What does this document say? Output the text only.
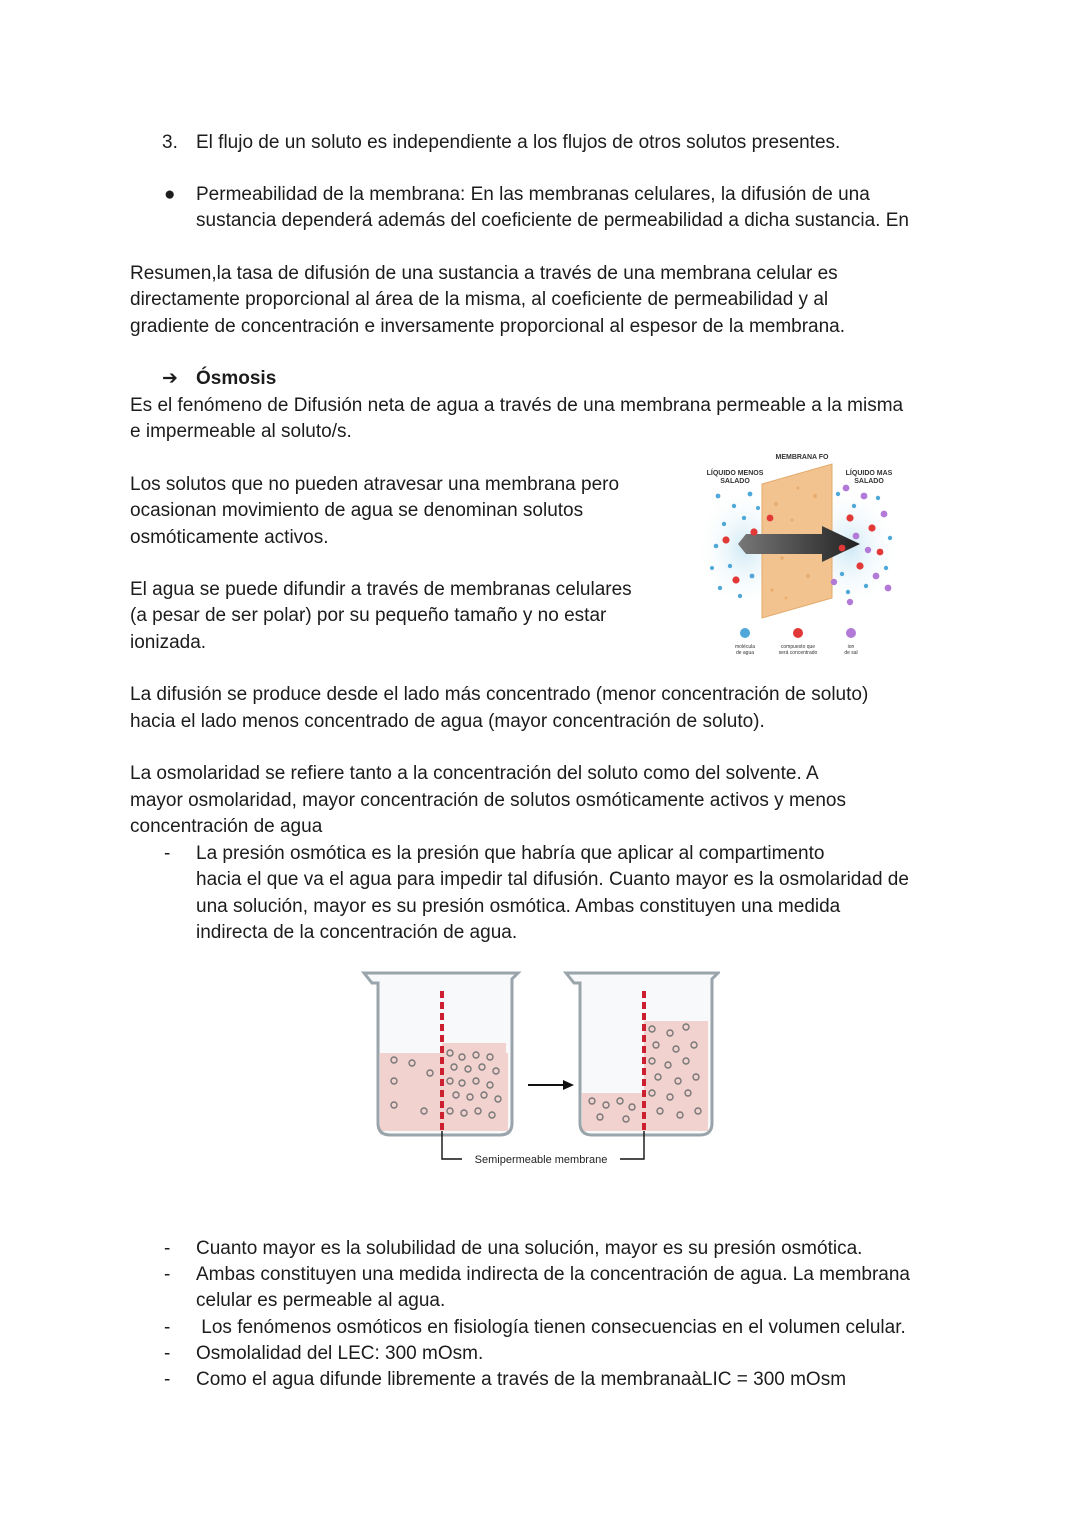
3. El flujo de un soluto es independiente a los flujos de otros solutos presentes.
● Permeabilidad de la membrana: En las membranas celulares, la difusión de una
sustancia dependerá además del coeficiente de permeabilidad a dicha sustancia. En
Resumen,la tasa de difusión de una sustancia a través de una membrana celular es
directamente proporcional al área de la misma, al coeficiente de permeabilidad y al
gradiente de concentración e inversamente proporcional al espesor de la membrana.
➔ Ósmosis
Es el fenómeno de Difusión neta de agua a través de una membrana permeable a la misma
e impermeable al soluto/s.
Los solutos que no pueden atravesar una membrana pero
ocasionan movimiento de agua se denominan solutos
osmóticamente activos.
El agua se puede difundir a través de membranas celulares
(a pesar de ser polar) por su pequeño tamaño y no estar
ionizada.
MEMBRANA FO
LÍQUIDO MENOS
SALADO
LÍQUIDO MAS
SALADO
molécula
de agua
compuesto que
será concentrado
ion
de sal
La difusión se produce desde el lado más concentrado (menor concentración de soluto)
hacia el lado menos concentrado de agua (mayor concentración de soluto).
La osmolaridad se refiere tanto a la concentración del soluto como del solvente. A
mayor osmolaridad, mayor concentración de solutos osmóticamente activos y menos
concentración de agua
- La presión osmótica es la presión que habría que aplicar al compartimento
hacia el que va el agua para impedir tal difusión. Cuanto mayor es la osmolaridad de
una solución, mayor es su presión osmótica. Ambas constituyen una medida
indirecta de la concentración de agua.
Semipermeable membrane
- Cuanto mayor es la solubilidad de una solución, mayor es su presión osmótica.
- Ambas constituyen una medida indirecta de la concentración de agua. La membrana
celular es permeable al agua.
- Los fenómenos osmóticos en fisiología tienen consecuencias en el volumen celular.
- Osmolalidad del LEC: 300 mOsm.
- Como el agua difunde libremente a través de la membranaàLIC = 300 mOsm
